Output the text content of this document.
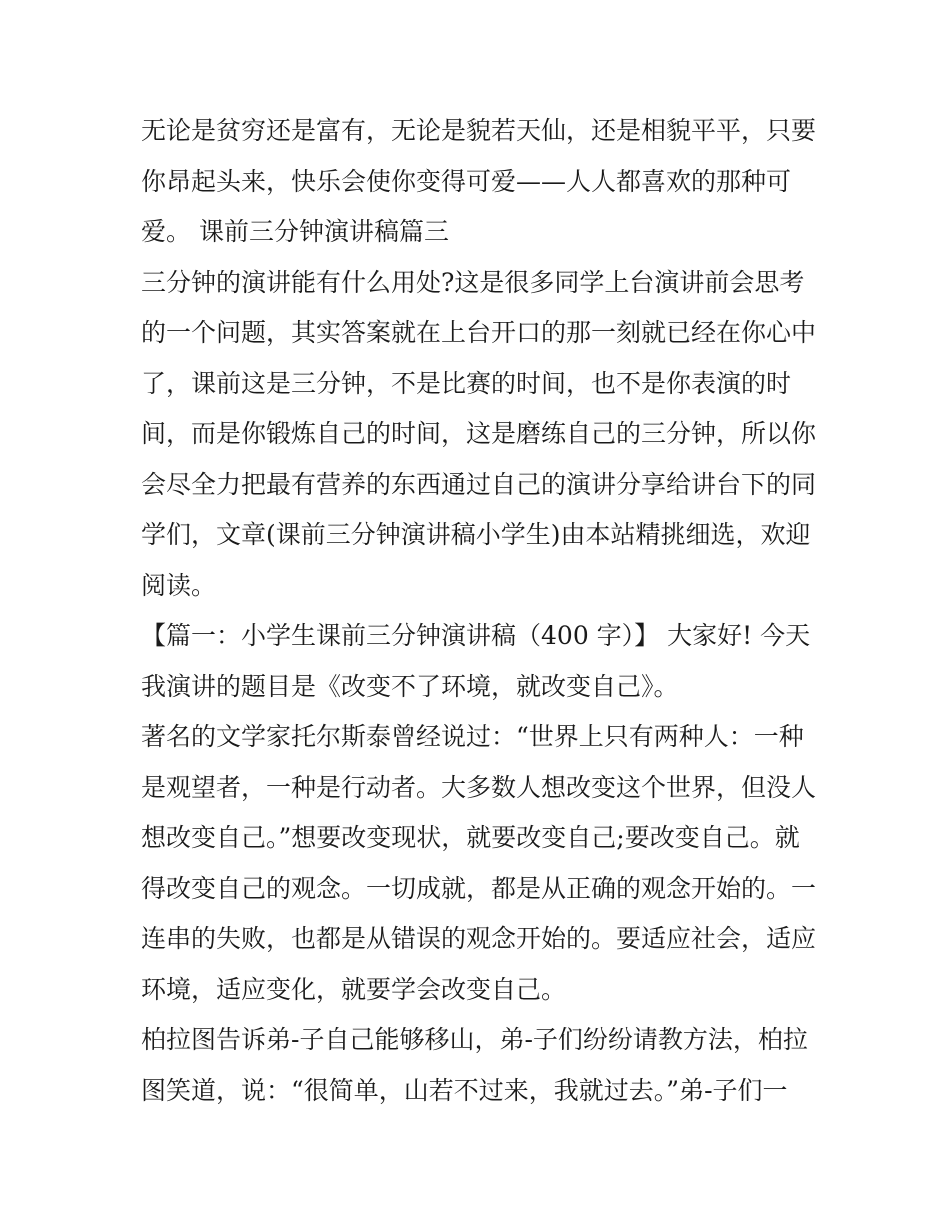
无论是贫穷还是富有，无论是貌若天仙，还是相貌平平，只要
你昂起头来，快乐会使你变得可爱——人人都喜欢的那种可
爱。 课前三分钟演讲稿篇三
三分钟的演讲能有什么用处?这是很多同学上台演讲前会思考
的一个问题，其实答案就在上台开口的那一刻就已经在你心中
了，课前这是三分钟，不是比赛的时间，也不是你表演的时
间，而是你锻炼自己的时间，这是磨练自己的三分钟，所以你
会尽全力把最有营养的东西通过自己的演讲分享给讲台下的同
学们，文章(课前三分钟演讲稿小学生)由本站精挑细选，欢迎
阅读。
【篇一：小学生课前三分钟演讲稿（400 字）】 大家好! 今天
我演讲的题目是《改变不了环境，就改变自己》。
著名的文学家托尔斯泰曾经说过：“世界上只有两种人：一种
是观望者，一种是行动者。大多数人想改变这个世界，但没人
想改变自己。”想要改变现状，就要改变自己;要改变自己。就
得改变自己的观念。一切成就，都是从正确的观念开始的。一
连串的失败，也都是从错误的观念开始的。要适应社会，适应
环境，适应变化，就要学会改变自己。
柏拉图告诉弟-子自己能够移山，弟-子们纷纷请教方法，柏拉
图笑道，说：“很简单，山若不过来，我就过去。”弟-子们一
